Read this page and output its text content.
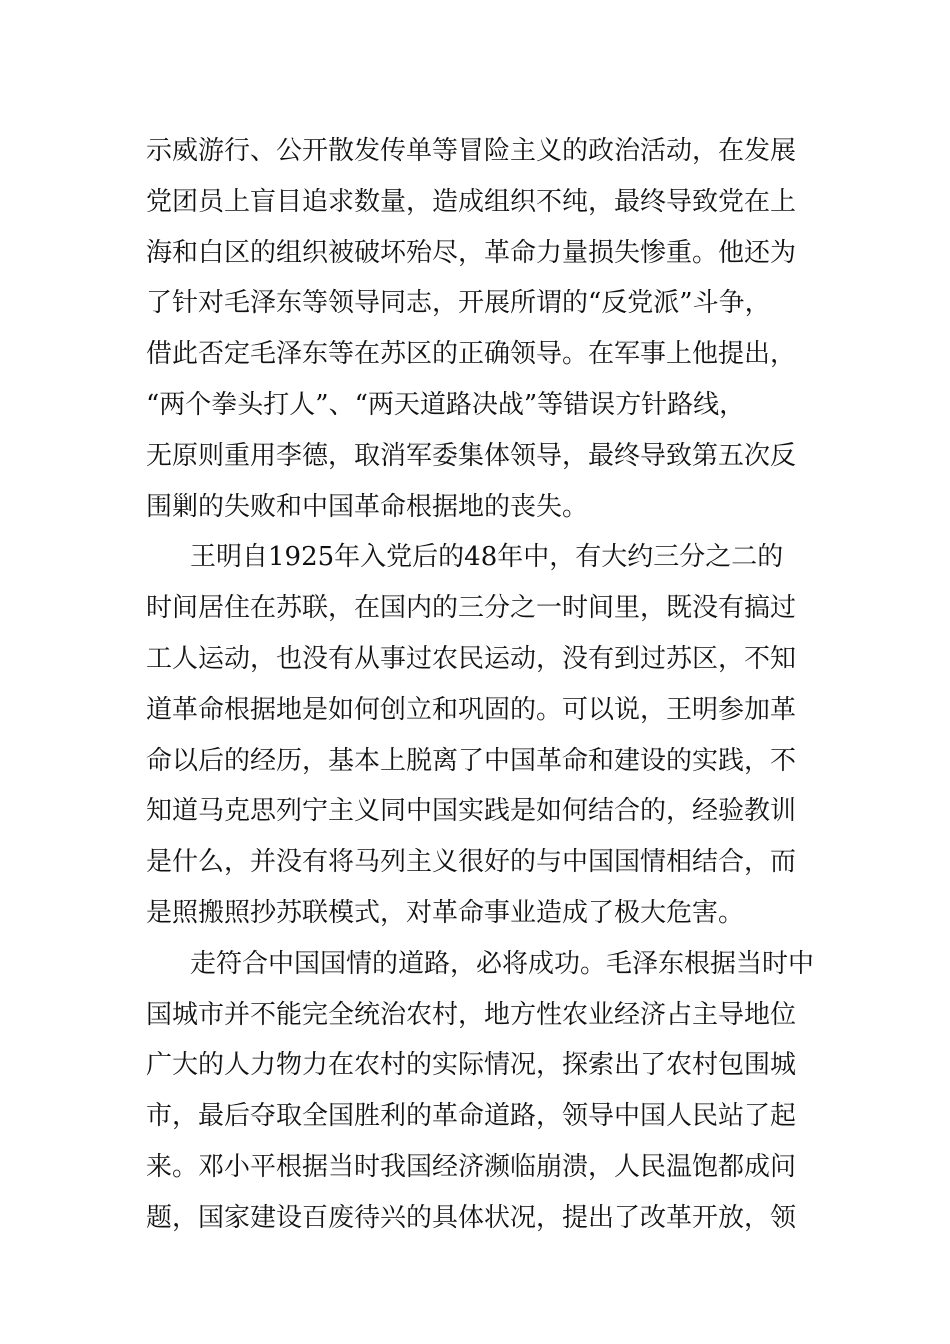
示威游行、公开散发传单等冒险主义的政治活动，在发展
党团员上盲目追求数量，造成组织不纯，最终导致党在上
海和白区的组织被破坏殆尽，革命力量损失惨重。他还为
了针对毛泽东等领导同志，开展所谓的“反党派”斗争，
借此否定毛泽东等在苏区的正确领导。在军事上他提出，
“两个拳头打人”、“两天道路决战”等错误方针路线，
无原则重用李德，取消军委集体领导，最终导致第五次反
围剿的失败和中国革命根据地的丧失。
王明自1925年入党后的48年中，有大约三分之二的
时间居住在苏联，在国内的三分之一时间里，既没有搞过
工人运动，也没有从事过农民运动，没有到过苏区，不知
道革命根据地是如何创立和巩固的。可以说，王明参加革
命以后的经历，基本上脱离了中国革命和建设的实践，不
知道马克思列宁主义同中国实践是如何结合的，经验教训
是什么，并没有将马列主义很好的与中国国情相结合，而
是照搬照抄苏联模式，对革命事业造成了极大危害。
走符合中国国情的道路，必将成功。毛泽东根据当时中
国城市并不能完全统治农村，地方性农业经济占主导地位
广大的人力物力在农村的实际情况，探索出了农村包围城
市，最后夺取全国胜利的革命道路，领导中国人民站了起
来。邓小平根据当时我国经济濒临崩溃，人民温饱都成问
题，国家建设百废待兴的具体状况，提出了改革开放，领
